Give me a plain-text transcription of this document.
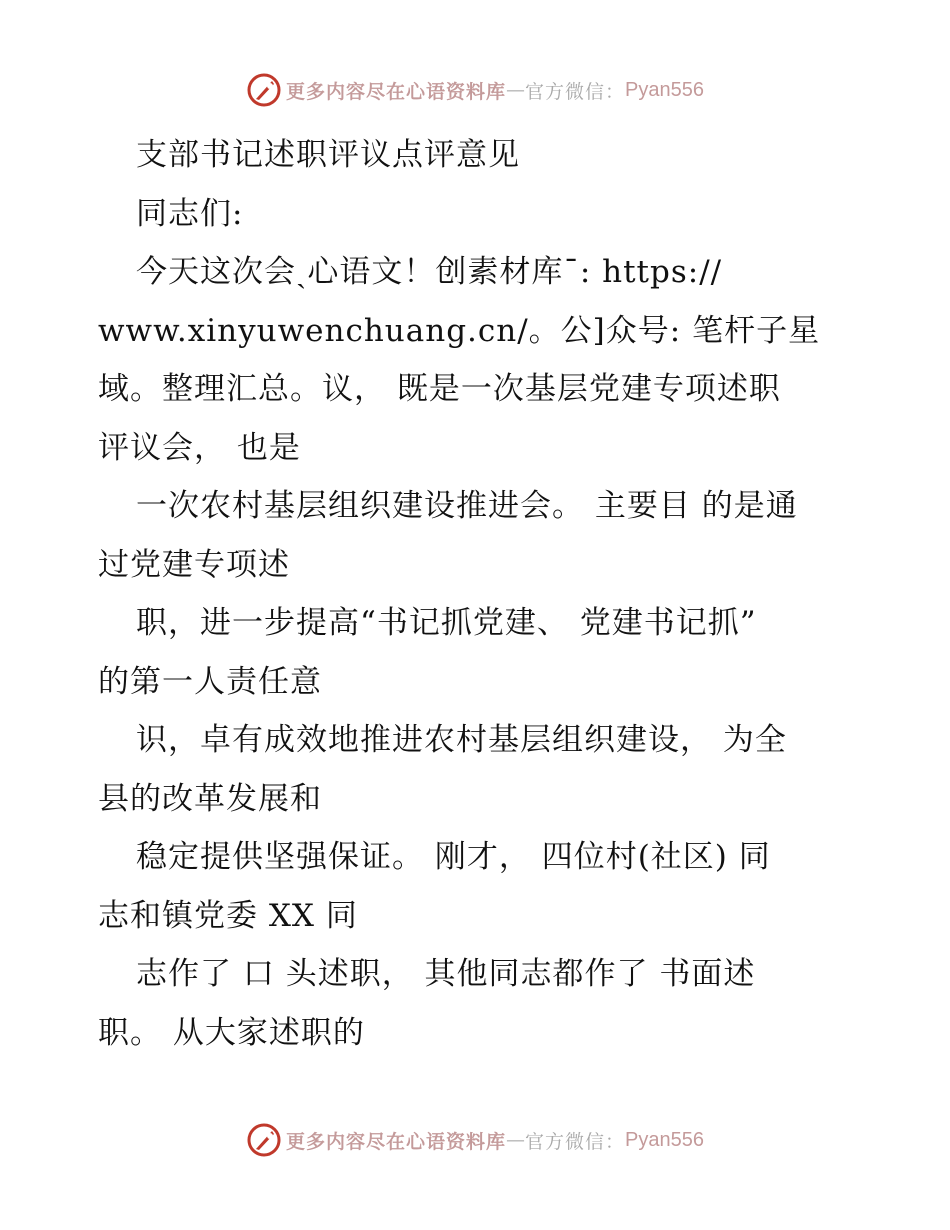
更多内容尽在心语资料库 — 官方微信： Pyan556
支部书记述职评议点评意见
同志们:
今天这次会ˎ心语文！创素材库¯: https://
www.xinyuwenchuang.cn/。公]众号: 笔杆子星
域。整理汇总。议， 既是一次基层党建专项述职
评议会， 也是
一次农村基层组织建设推进会。 主要目 的是通
过党建专项述
职，进一步提高“书记抓党建、 党建书记抓”
的第一人责任意
识，卓有成效地推进农村基层组织建设， 为全
县的改革发展和
稳定提供坚强保证。 刚才， 四位村(社区) 同
志和镇党委 XX 同
志作了 口 头述职， 其他同志都作了 书面述
职。 从大家述职的
更多内容尽在心语资料库 — 官方微信： Pyan556
